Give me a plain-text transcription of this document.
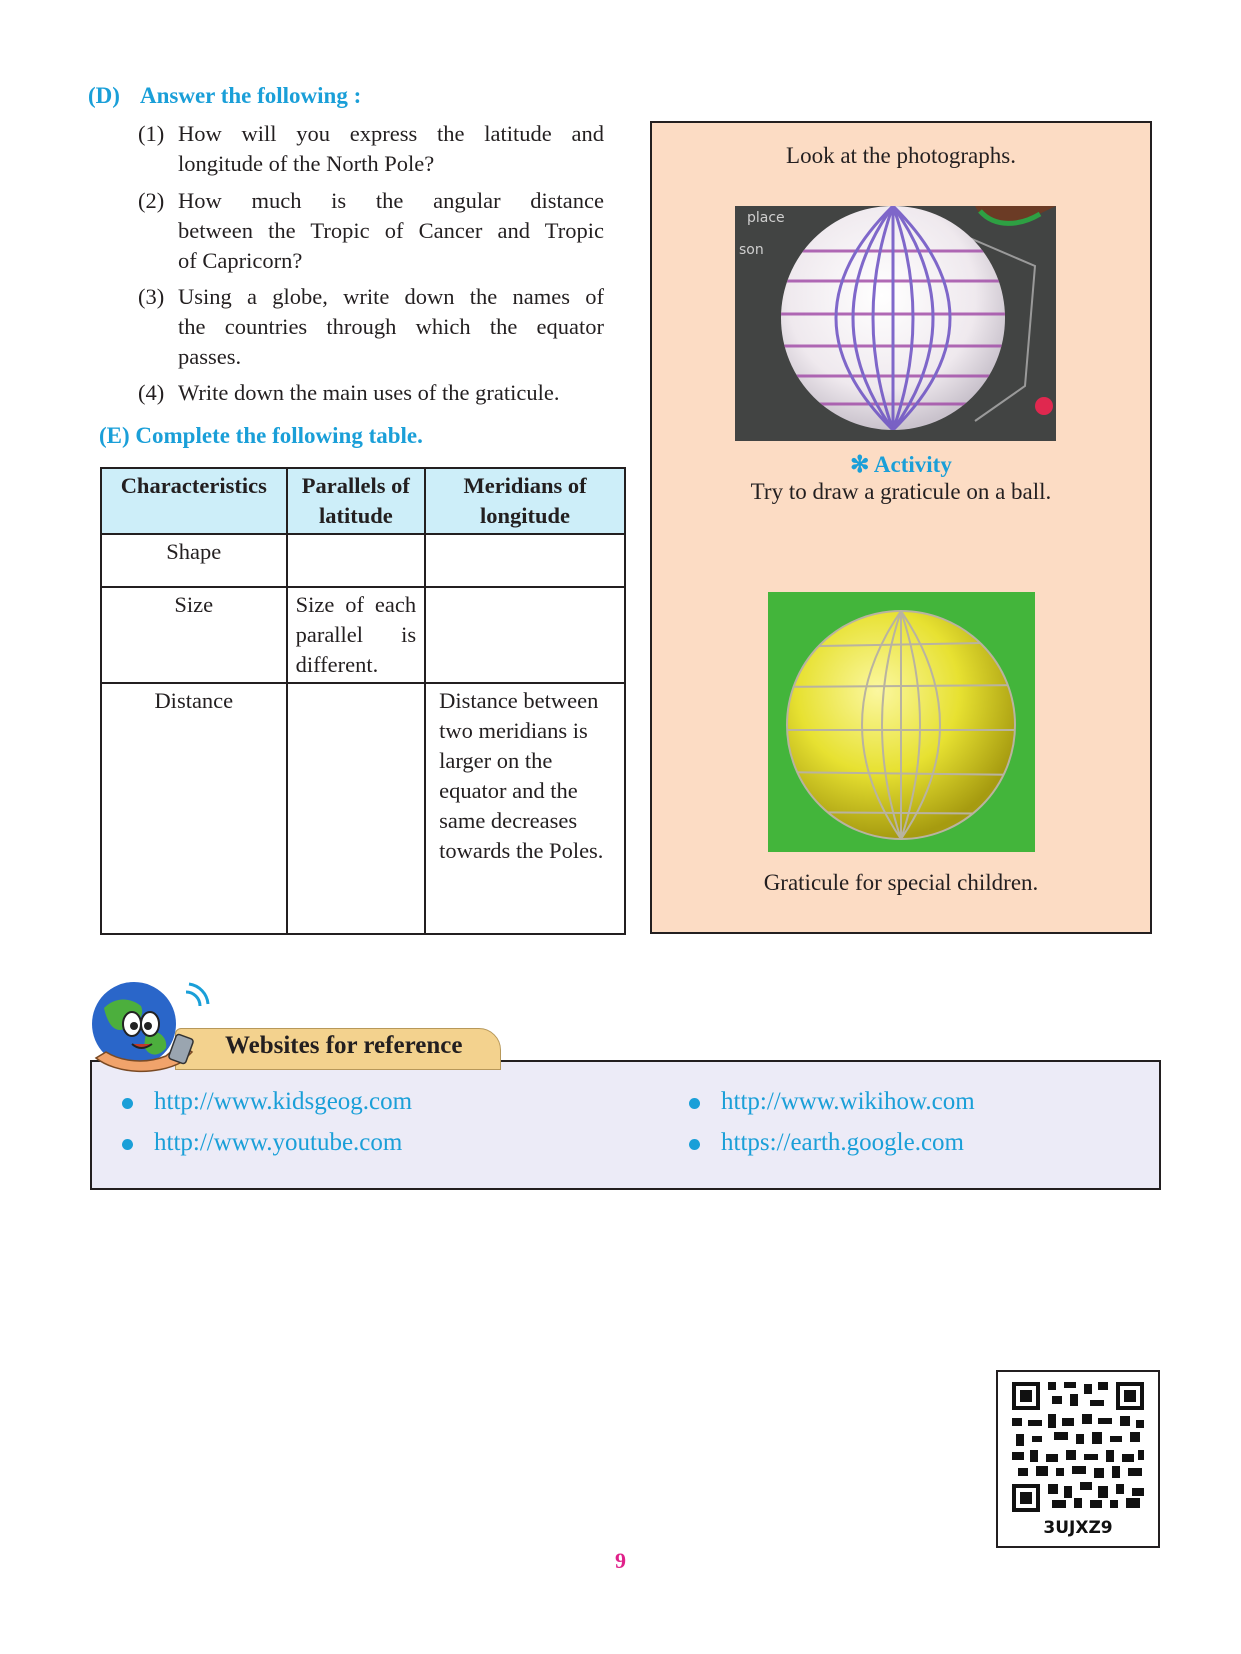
(D) Answer the following :
(1) How will you express the latitude and
longitude of the North Pole?
(2) How much is the angular distance
between the Tropic of Cancer and Tropic
of Capricorn?
(3) Using a globe, write down the names of
the countries through which the equator
passes.
(4) Write down the main uses of the graticule.
(E) Complete the following table.
Characteristics	Parallels of latitude	Meridians of longitude
Shape		
Size	Size of each parallel is different.	
Distance		Distance between two meridians is larger on the equator and the same decreases towards the Poles.
Look at the photographs.
place
son
✻ Activity
Try to draw a graticule on a ball.
Graticule for special children.
Websites for reference
http://www.kidsgeog.com
http://www.youtube.com
http://www.wikihow.com
https://earth.google.com
3UJXZ9
9
